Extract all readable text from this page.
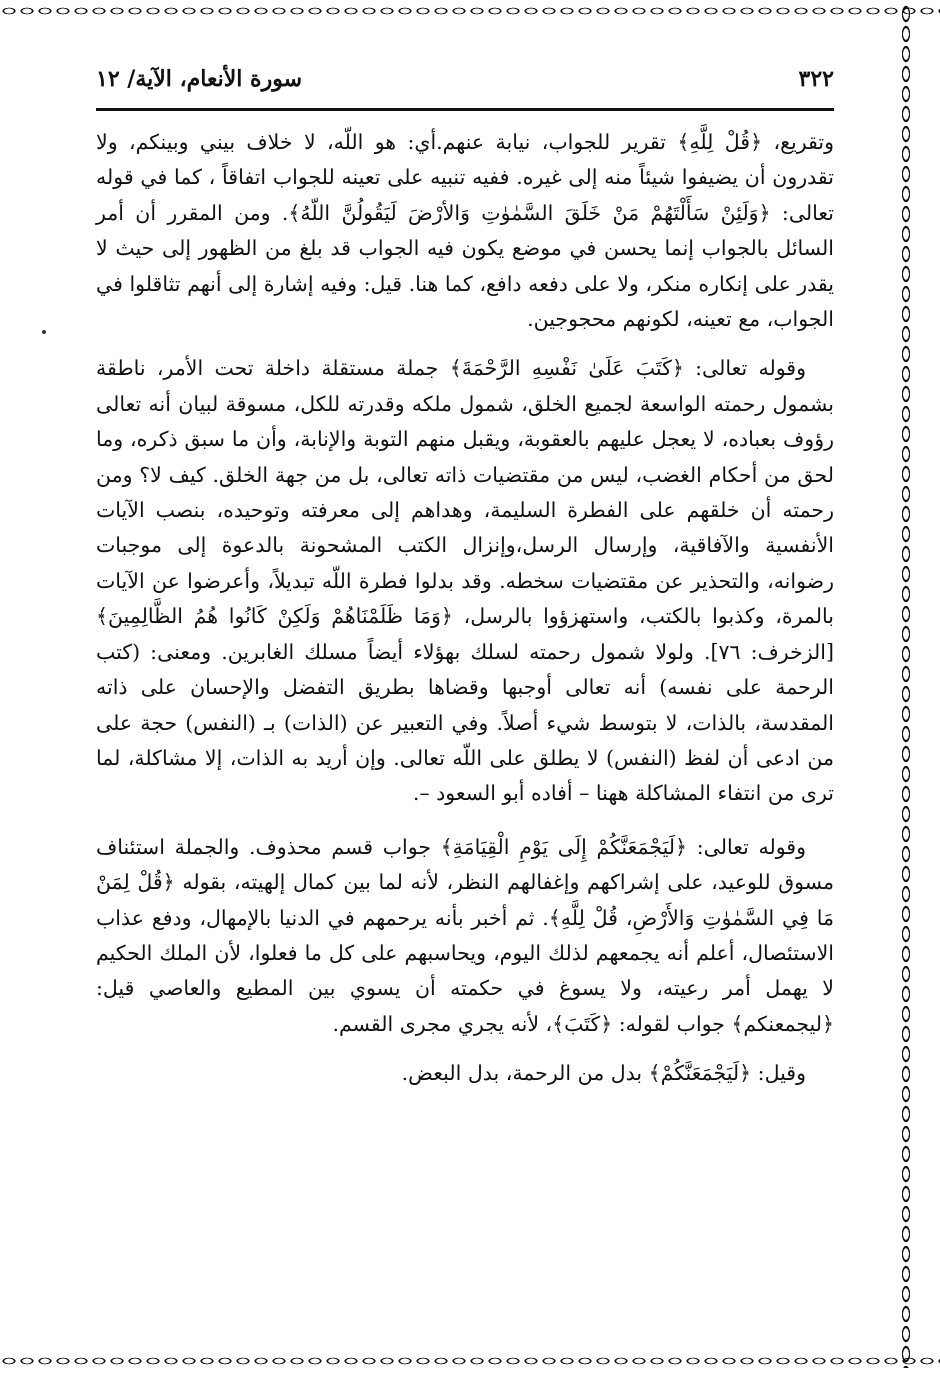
٣٢٢
سورة الأنعام، الآية/ ١٢

وتقريع، ﴿قُلْ لِلَّهِ﴾ تقرير للجواب، نيابة عنهم.أي: هو اللّه، لا خلاف بيني وبينكم، ولا تقدرون أن يضيفوا شيئاً منه إلى غيره. ففيه تنبيه على تعينه للجواب اتفاقاً ، كما في قوله تعالى: ﴿وَلَئِنْ سَأَلْتَهُمْ مَنْ خَلَقَ السَّمٰوٰتِ وَالأرْضَ لَيَقُولُنَّ اللّهُ﴾. ومن المقرر أن أمر السائل بالجواب إنما يحسن في موضع يكون فيه الجواب قد بلغ من الظهور إلى حيث لا يقدر على إنكاره منكر، ولا على دفعه دافع، كما هنا. قيل: وفيه إشارة إلى أنهم تثاقلوا في الجواب، مع تعينه، لكونهم محجوجين.

وقوله تعالى: ﴿كَتَبَ عَلَىٰ نَفْسِهِ الرَّحْمَةَ﴾ جملة مستقلة داخلة تحت الأمر، ناطقة بشمول رحمته الواسعة لجميع الخلق، شمول ملكه وقدرته للكل، مسوقة لبيان أنه تعالى رؤوف بعباده، لا يعجل عليهم بالعقوبة، ويقبل منهم التوبة والإنابة، وأن ما سبق ذكره، وما لحق من أحكام الغضب، ليس من مقتضيات ذاته تعالى، بل من جهة الخلق. كيف لا؟ ومن رحمته أن خلقهم على الفطرة السليمة، وهداهم إلى معرفته وتوحيده، بنصب الآيات الأنفسية والآفاقية، وإرسال الرسل،وإنزال الكتب المشحونة بالدعوة إلى موجبات رضوانه، والتحذير عن مقتضيات سخطه. وقد بدلوا فطرة اللّه تبديلاً، وأعرضوا عن الآيات بالمرة، وكذبوا بالكتب، واستهزؤوا بالرسل، ﴿وَمَا ظَلَمْنَاهُمْ وَلَكِنْ كَانُوا هُمُ الظَّالِمِينَ﴾ [الزخرف: ٧٦]. ولولا شمول رحمته لسلك بهؤلاء أيضاً مسلك الغابرين. ومعنى: (كتب الرحمة على نفسه) أنه تعالى أوجبها وقضاها بطريق التفضل والإحسان على ذاته المقدسة، بالذات، لا بتوسط شيء أصلاً. وفي التعبير عن (الذات) بـ (النفس) حجة على من ادعى أن لفظ (النفس) لا يطلق على اللّه تعالى. وإن أريد به الذات، إلا مشاكلة، لما ترى من انتفاء المشاكلة ههنا – أفاده أبو السعود –.

وقوله تعالى: ﴿لَيَجْمَعَنَّكُمْ إِلَى يَوْمِ الْقِيَامَةِ﴾ جواب قسم محذوف. والجملة استئناف مسوق للوعيد، على إشراكهم وإغفالهم النظر، لأنه لما بين كمال إلهيته، بقوله ﴿قُلْ لِمَنْ مَا فِي السَّمٰوٰتِ وَالأَرْضِ، قُلْ لِلَّهِ﴾. ثم أخبر بأنه يرحمهم في الدنيا بالإمهال، ودفع عذاب الاستئصال، أعلم أنه يجمعهم لذلك اليوم، ويحاسبهم على كل ما فعلوا، لأن الملك الحكيم لا يهمل أمر رعيته، ولا يسوغ في حكمته أن يسوي بين المطيع والعاصي قيل: ﴿ليجمعنكم﴾ جواب لقوله: ﴿كَتَبَ﴾، لأنه يجري مجرى القسم.

وقيل: ﴿لَيَجْمَعَنَّكُمْ﴾ بدل من الرحمة، بدل البعض.
